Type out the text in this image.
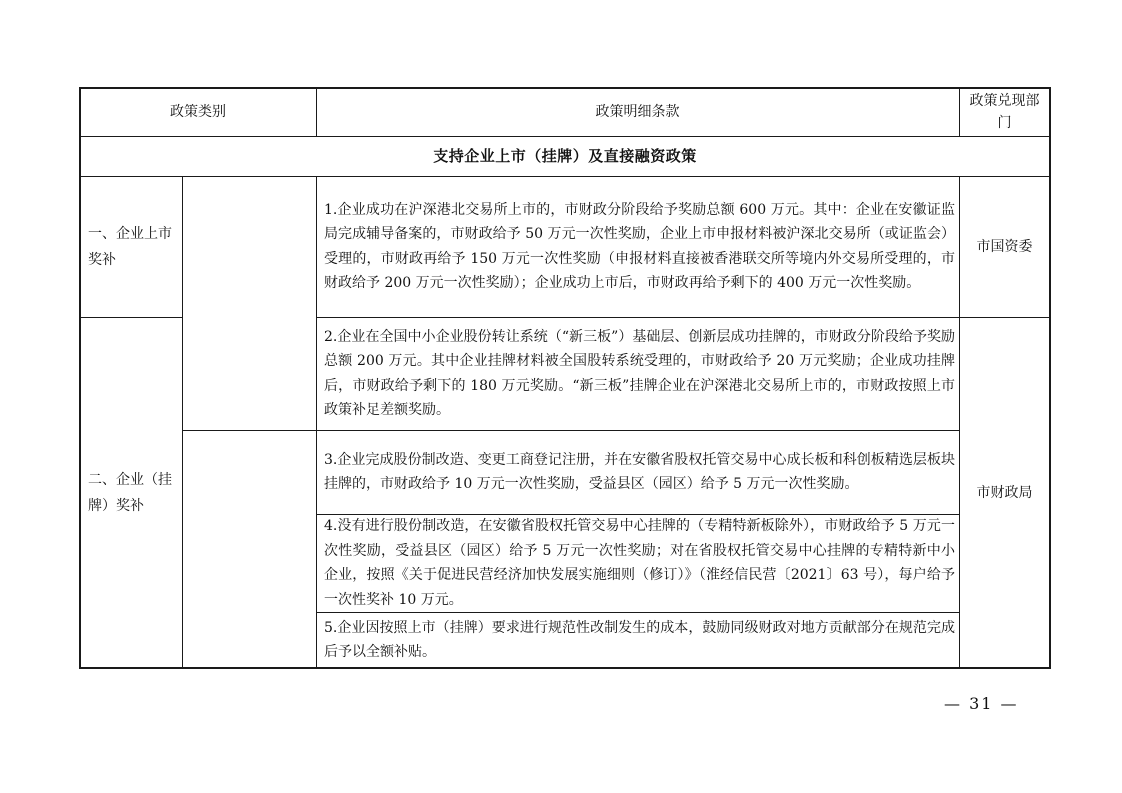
政策类别	政策明细条款
政策兑现部门
支持企业上市（挂牌）及直接融资政策
一、企业上市奖补
二、企业（挂牌）奖补
1.企业成功在沪深港北交易所上市的，市财政分阶段给予奖励总额 600 万元。其中：企业在安徽证监局完成辅导备案的，市财政给予 50 万元一次性奖励，企业上市申报材料被沪深北交易所（或证监会）受理的，市财政再给予 150 万元一次性奖励（申报材料直接被香港联交所等境内外交易所受理的，市财政给予 200 万元一次性奖励）；企业成功上市后，市财政再给予剩下的 400 万元一次性奖励。
2.企业在全国中小企业股份转让系统（“新三板”）基础层、创新层成功挂牌的，市财政分阶段给予奖励总额 200 万元。其中企业挂牌材料被全国股转系统受理的，市财政给予 20 万元奖励；企业成功挂牌后，市财政给予剩下的 180 万元奖励。“新三板”挂牌企业在沪深港北交易所上市的，市财政按照上市政策补足差额奖励。
3.企业完成股份制改造、变更工商登记注册，并在安徽省股权托管交易中心成长板和科创板精选层板块挂牌的，市财政给予 10 万元一次性奖励，受益县区（园区）给予 5 万元一次性奖励。
4.没有进行股份制改造，在安徽省股权托管交易中心挂牌的（专精特新板除外），市财政给予 5 万元一次性奖励，受益县区（园区）给予 5 万元一次性奖励；对在省股权托管交易中心挂牌的专精特新中小企业，按照《关于促进民营经济加快发展实施细则（修订）》（淮经信民营〔2021〕63 号），每户给予一次性奖补 10 万元。
5.企业因按照上市（挂牌）要求进行规范性改制发生的成本，鼓励同级财政对地方贡献部分在规范完成后予以全额补贴。
市国资委
市财政局
— 31 —
